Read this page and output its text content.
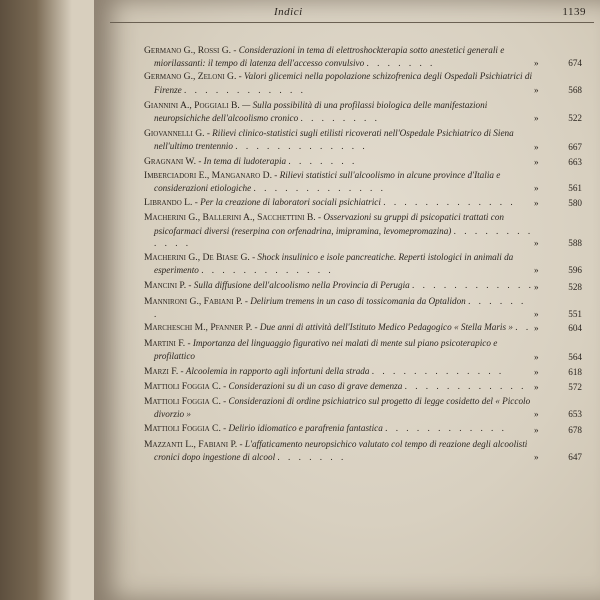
Indici	1139
Germano G., Rossi G. - Considerazioni in tema di elettroshockterapia sotto anestetici generali e miorilassanti: il tempo di latenza dell'accesso convulsivo . . . . . . .	»	674
Germano G., Zeloni G. - Valori glicemici nella popolazione schizofrenica degli Ospedali Psichiatrici di Firenze . . . . . . . . . . . .	»	568
Giannini A., Poggiali B. — Sulla possibilità di una profilassi biologica delle manifestazioni neuropsichiche dell'alcoolismo cronico . . . . . . . .	»	522
Giovannelli G. - Rilievi clinico-statistici sugli etilisti ricoverati nell'Ospedale Psichiatrico di Siena nell'ultimo trentennio . . . . . . . . . . . . .	»	667
Gragnani W. - In tema di ludoterapia . . . . . . .	»	663
Imberciadori E., Manganaro D. - Rilievi statistici sull'alcoolismo in alcune province d'Italia e considerazioni etiologiche . . . . . . . . . . . . .	»	561
Librando L. - Per la creazione di laboratori sociali psichiatrici . . . . . . . . . . . . .	»	580
Macherini G., Ballerini A., Sacchettini B. - Osservazioni su gruppi di psicopatici trattati con psicofarmaci diversi (reserpina con orfenadrina, imipramina, levomepromazina) . . . . . . . . . . . .	»	588
Macherini G., De Biase G. - Shock insulinico e isole pancreatiche. Reperti istologici in animali da esperimento . . . . . . . . . . . . .	»	596
Mancini P. - Sulla diffusione dell'alcoolismo nella Provincia di Perugia . . . . . . . . . . . . »	528
Mannironi G., Fabiani P. - Delirium tremens in un caso di tossicomania da Optalidon . . . . . . .	»	551
Marcheschi M., Pfanner P. - Due anni di attività dell'Istituto Medico Pedagogico « Stella Maris » . . »	604
Martini F. - Importanza del linguaggio figurativo nei malati di mente sul piano psicoterapico e profilattico	»	564
Marzi F. - Alcoolemia in rapporto agli infortuni della strada . . . . . . . . . . . . .	»	618
Mattioli Foggia C. - Considerazioni su di un caso di grave demenza . . . . . . . . . . . . »	572
Mattioli Foggia C. - Considerazioni di ordine psichiatrico sul progetto di legge cosidetto del « Piccolo divorzio »	»	653
Mattioli Foggia C. - Delirio idiomatico e parafrenia fantastica . . . . . . . . . . . .	»	678
Mazzanti L., Fabiani P. - L'affaticamento neuropsichico valutato col tempo di reazione degli alcoolisti cronici dopo ingestione di alcool . . . . . . .	»	647
